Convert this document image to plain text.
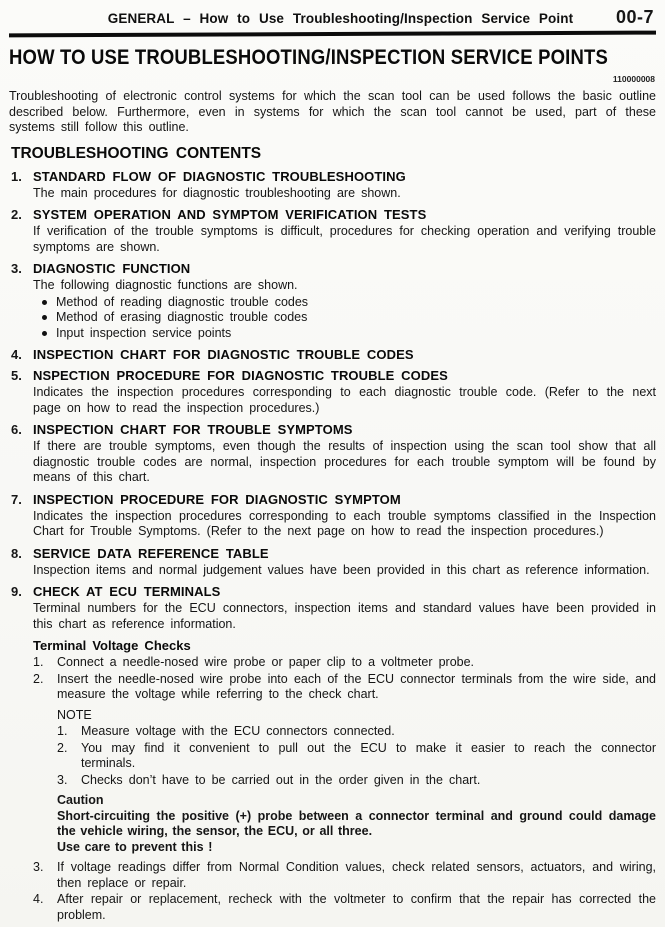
GENERAL – How to Use Troubleshooting/Inspection Service Point	00-7
HOW TO USE TROUBLESHOOTING/INSPECTION SERVICE POINTS
110000008

Troubleshooting of electronic control systems for which the scan tool can be used follows the basic outline described below. Furthermore, even in systems for which the scan tool cannot be used, part of these systems still follow this outline.

TROUBLESHOOTING CONTENTS
1. STANDARD FLOW OF DIAGNOSTIC TROUBLESHOOTING

The main procedures for diagnostic troubleshooting are shown.

2. SYSTEM OPERATION AND SYMPTOM VERIFICATION TESTS

If verification of the trouble symptoms is difficult, procedures for checking operation and verifying trouble symptoms are shown.

3. DIAGNOSTIC FUNCTION

The following diagnostic functions are shown.

Method of reading diagnostic trouble codes
Method of erasing diagnostic trouble codes
Input inspection service points
4. INSPECTION CHART FOR DIAGNOSTIC TROUBLE CODES
5. NSPECTION PROCEDURE FOR DIAGNOSTIC TROUBLE CODES

Indicates the inspection procedures corresponding to each diagnostic trouble code. (Refer to the next page on how to read the inspection procedures.)

6. INSPECTION CHART FOR TROUBLE SYMPTOMS

If there are trouble symptoms, even though the results of inspection using the scan tool show that all diagnostic trouble codes are normal, inspection procedures for each trouble symptom will be found by means of this chart.

7. INSPECTION PROCEDURE FOR DIAGNOSTIC SYMPTOM

Indicates the inspection procedures corresponding to each trouble symptoms classified in the Inspection Chart for Trouble Symptoms. (Refer to the next page on how to read the inspection procedures.)

8. SERVICE DATA REFERENCE TABLE

Inspection items and normal judgement values have been provided in this chart as reference information.

9. CHECK AT ECU TERMINALS

Terminal numbers for the ECU connectors, inspection items and standard values have been provided in this chart as reference information.

Terminal Voltage Checks
1.	Connect a needle-nosed wire probe or paper clip to a voltmeter probe.
2.	Insert the needle-nosed wire probe into each of the ECU connector terminals from the wire side, and measure the voltage while referring to the check chart.
NOTE
1.	Measure voltage with the ECU connectors connected.
2.	You may find it convenient to pull out the ECU to make it easier to reach the connector terminals.
3.	Checks don’t have to be carried out in the order given in the chart.
Caution

Short-circuiting the positive (+) probe between a connector terminal and ground could damage the vehicle wiring, the sensor, the ECU, or all three.

Use care to prevent this !

3.	If voltage readings differ from Normal Condition values, check related sensors, actuators, and wiring, then replace or repair.
4.	After repair or replacement, recheck with the voltmeter to confirm that the repair has corrected the problem.
